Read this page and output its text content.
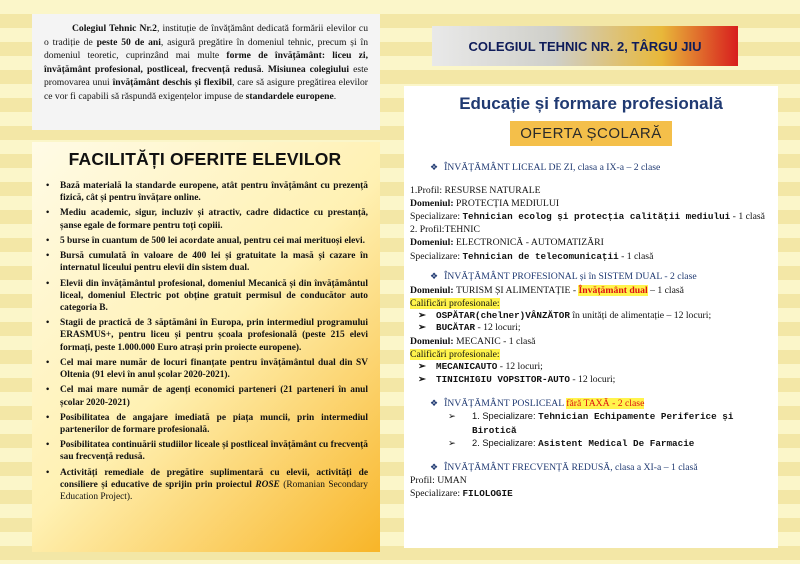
Colegiul Tehnic Nr.2, instituție de învățământ dedicată formării elevilor cu o tradiție de peste 50 de ani, asigură pregătire în domeniul tehnic, precum și în domeniul teoretic, cuprinzând mai multe forme de învățământ: liceu zi, învățământ profesional, postliceal, frecvență redusă. Misiunea colegiului este promovarea unui învățământ deschis și flexibil, care să asigure pregătirea elevilor ce vor fi capabili să răspundă exigențelor impuse de standardele europene.

FACILITĂȚI OFERITE ELEVILOR
• Bază materială la standarde europene, atât pentru învățământ cu prezență fizică, cât și pentru învățare online.
• Mediu academic, sigur, incluziv și atractiv, cadre didactice cu prestanță, șanse egale de formare pentru toți copiii.
• 5 burse în cuantum de 500 lei acordate anual, pentru cei mai merituoși elevi.
• Bursă cumulată în valoare de 400 lei și gratuitate la masă și cazare în internatul liceului pentru elevii din sistem dual.
• Elevii din învățământul profesional, domeniul Mecanică și din învățământul liceal, domeniul Electric pot obține gratuit permisul de conducător auto categoria B.
• Stagii de practică de 3 săptămâni în Europa, prin intermediul programului ERASMUS+, pentru liceu și pentru școala profesională (peste 215 elevi formați, peste 1.000.000 Euro atrași prin proiecte europene).
• Cel mai mare număr de locuri finanțate pentru învățământul dual din SV Oltenia (91 elevi în anul școlar 2020-2021).
• Cel mai mare număr de agenți economici parteneri (21 parteneri în anul școlar 2020-2021)
• Posibilitatea de angajare imediată pe piața muncii, prin intermediul partenerilor de formare profesională.
• Posibilitatea continuării studiilor liceale și postliceal învățământ cu frecvență sau frecvență redusă.
• Activități remediale de pregătire suplimentară cu elevii, activități de consiliere și educative de sprijin prin proiectul ROSE (Romanian Secondary Education Project).
COLEGIUL TEHNIC NR. 2, TÂRGU JIU
Educație și formare profesională
OFERTA ȘCOLARĂ
❖ ÎNVĂȚĂMÂNT LICEAL DE ZI, clasa a IX-a – 2 clase
1.Profil: RESURSE NATURALE
Domeniul: PROTECȚIA MEDIULUI
Specializare: Tehnician ecolog și protecția calității mediului - 1 clasă
2. Profil:TEHNIC
Domeniul: ELECTRONICĂ - AUTOMATIZĂRI
Specializare: Tehnician de telecomunicații - 1 clasă
❖ ÎNVĂȚĂMÂNT PROFESIONAL și în SISTEM DUAL - 2 clase
Domeniul: TURISM ȘI ALIMENTAȚIE - Învățământ dual – 1 clasă
Calificări profesionale:
➢ OSPĂTAR(chelner)VÂNZĂTOR în unități de alimentație – 12 locuri;
➢ BUCĂTAR - 12 locuri;
Domeniul: MECANIC - 1 clasă
Calificări profesionale:
➢ MECANICAUTO - 12 locuri;
➢ TINICHIGIU VOPSITOR-AUTO - 12 locuri;
❖ ÎNVĂȚĂMÂNT POSLICEAL fără TAXĂ - 2 clase
➢ 1. Specializare: Tehnician Echipamente Periferice și Birotică
➢ 2. Specializare: Asistent Medical De Farmacie
❖ ÎNVĂȚĂMÂNT FRECVENȚĂ REDUSĂ, clasa a XI-a – 1 clasă
Profil: UMAN
Specializare: FILOLOGIE
